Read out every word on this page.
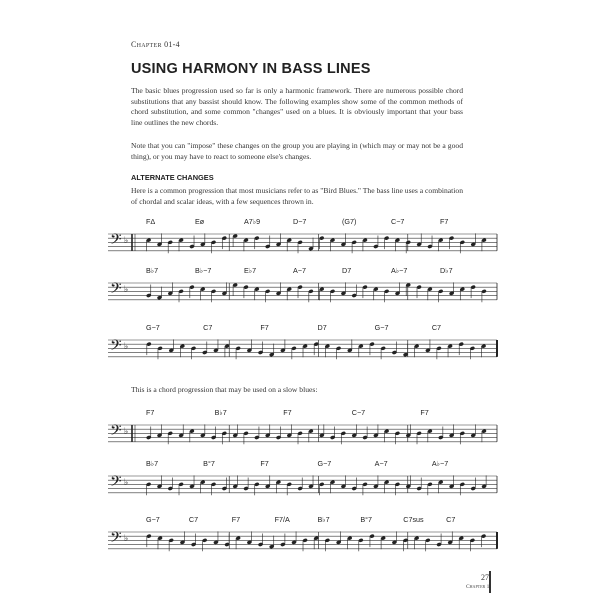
Chapter 01-4
USING HARMONY IN BASS LINES
The basic blues progression used so far is only a harmonic framework. There are numerous possible chord substitutions that any bassist should know. The following examples show some of the common methods of chord substitution, and some common "changes" used on a blues. It is obviously important that your bass line outlines the new chords.
Note that you can "impose" these changes on the group you are playing in (which may or may not be a good thing), or you may have to react to someone else's changes.
ALTERNATE CHANGES
Here is a common progression that most musicians refer to as "Bird Blues." The bass line uses a combination of chordal and scalar ideas, with a few sequences thrown in.
This is a chord progression that may be used on a slow blues:
𝄢 ♭
FΔ	Eø	A7♭9	D−7	(G7)	C−7	F7
𝄢 ♭
B♭7	B♭−7	E♭7	A−7	D7	A♭−7	D♭7
𝄢 ♭
G−7	C7	F7	D7	G−7	C7
𝄢 ♭
F7	B♭7	F7	C−7	F7
𝄢 ♭
B♭7	B°7	F7	G−7	A−7	A♭−7
𝄢 ♭
G−7	C7	F7	F7/A	B♭7	B°7	C7sus	C7
27
Chapter 1
